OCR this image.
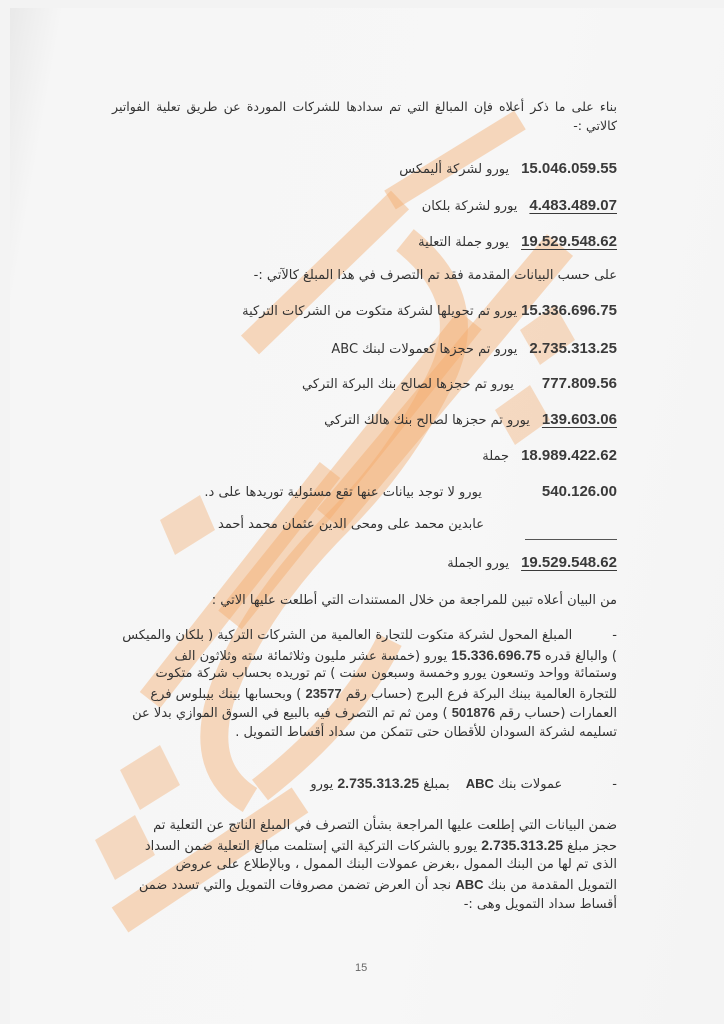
بناء على ما ذكر أعلاه فإن المبالغ التي تم سدادها للشركات الموردة عن طريق تعلية الفواتير كالاتي :-
15.046.059.55يورو لشركة أليمكس
4.483.489.07يورو لشركة بلكان
19.529.548.62يورو جملة التعلية
على حسب البيانات المقدمة فقد تم التصرف في هذا المبلغ كالآتي :-
15.336.696.75يورو تم تحويلها لشركة متكوت من الشركات التركية
2.735.313.25يورو تم حجزها كعمولات لبنك ABC
777.809.56يورو تم حجزها لصالح بنك البركة التركي
139.603.06يورو تم حجزها لصالح بنك هالك التركي
18.989.422.62جملة
540.126.00يورو لا توجد بيانات عنها تقع مسئولية توريدها على د.
عابدين محمد على ومحى الدين عثمان محمد أحمد
19.529.548.62يورو الجملة
من البيان أعلاه تبين للمراجعة من خلال المستندات التي أطلعت عليها الاتي :
-المبلغ المحول لشركة متكوت للتجارة العالمية من الشركات التركية ( بلكان والميكس
) والبالغ قدره 15.336.696.75 يورو (خمسة عشر مليون وثلاثمائة سته وثلاثون الف
وستمائة وواحد وتسعون يورو وخمسة وسبعون سنت ) تم توريده بحساب شركة متكوت
للتجارة العالمية ببنك البركة فرع البرج (حساب رقم 23577 ) وبحسابها بينك بيبلوس فرع
العمارات (حساب رقم 501876 ) ومن ثم تم التصرف فيه بالبيع في السوق الموازي بدلا عن
تسليمه لشركة السودان للأقطان حتى تتمكن من سداد أقساط التمويل .
-عمولات بنك ABC بمبلغ 2.735.313.25 يورو
ضمن البيانات التي إطلعت عليها المراجعة بشأن التصرف في المبلغ الناتج عن التعلية تم
حجز مبلغ 2.735.313.25 يورو بالشركات التركية التي إستلمت مبالغ التعلية ضمن السداد
الذى تم لها من البنك الممول ،بغرض عمولات البنك الممول ، وبالإطلاع على عروض
التمويل المقدمة من بنك ABC نجد أن العرض تضمن مصروفات التمويل والتي تسدد ضمن
أقساط سداد التمويل وهى :-
15
